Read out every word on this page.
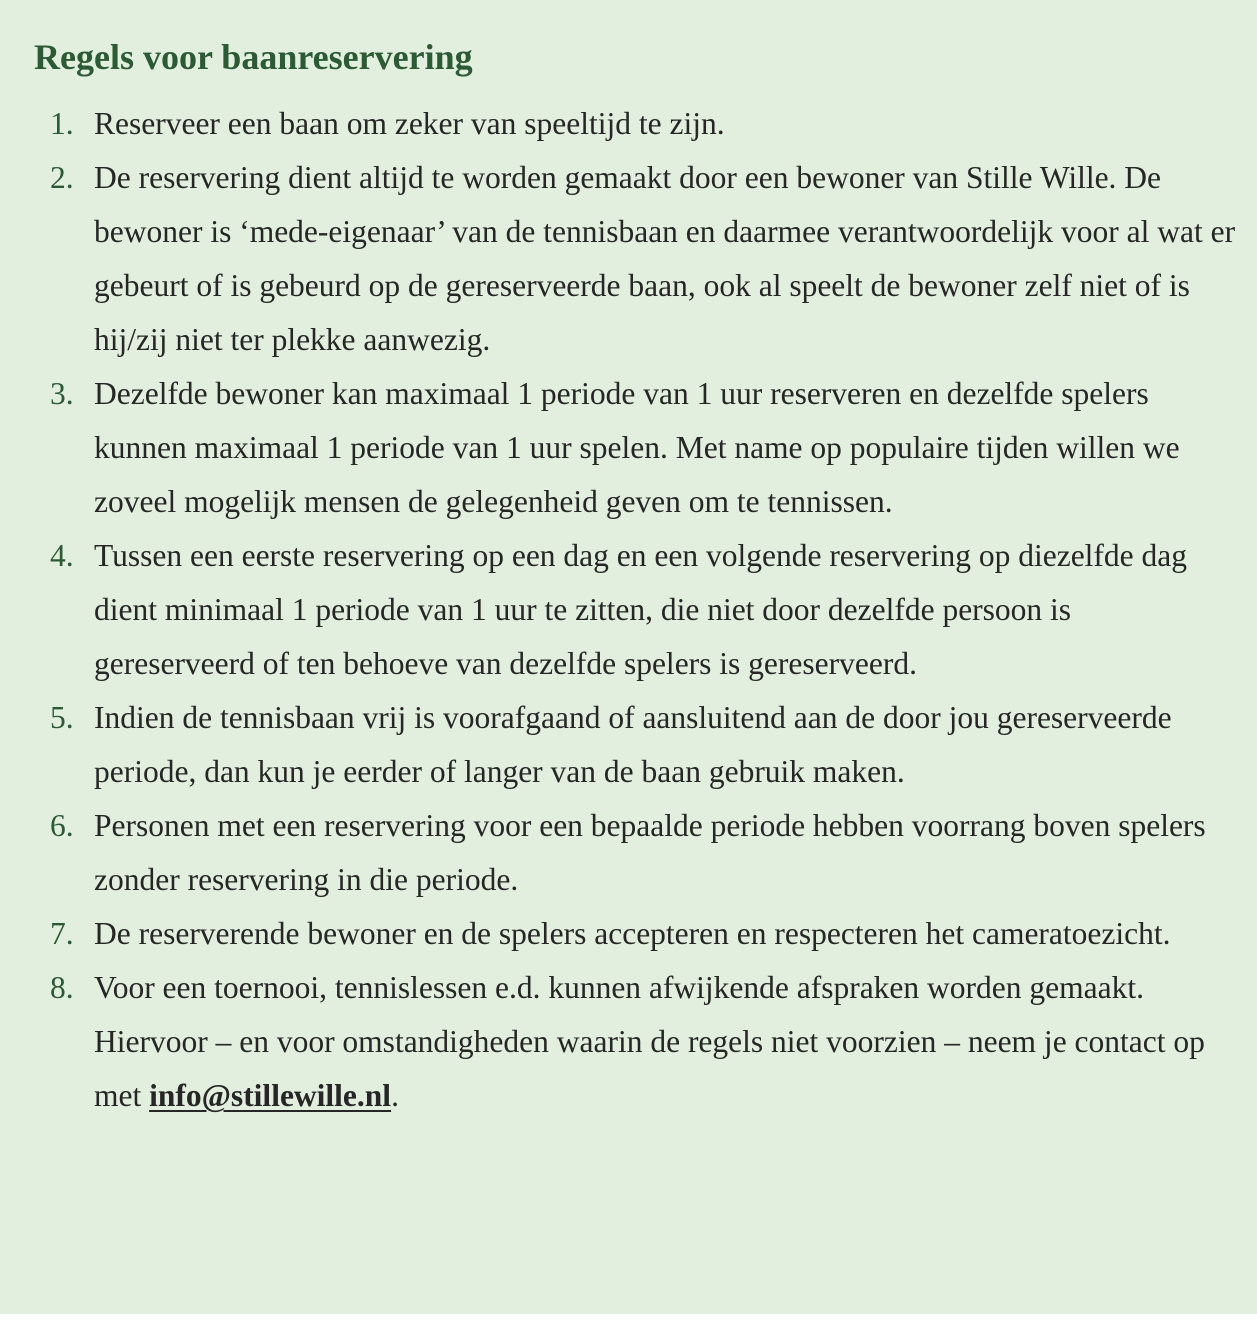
Regels voor baanreservering
1. Reserveer een baan om zeker van speeltijd te zijn.
2. De reservering dient altijd te worden gemaakt door een bewoner van Stille Wille. De bewoner is ‘mede-eigenaar’ van de tennisbaan en daarmee verantwoordelijk voor al wat er gebeurt of is gebeurd op de gereserveerde baan, ook al speelt de bewoner zelf niet of is hij/zij niet ter plekke aanwezig.
3. Dezelfde bewoner kan maximaal 1 periode van 1 uur reserveren en dezelfde spelers kunnen maximaal 1 periode van 1 uur spelen. Met name op populaire tijden willen we zoveel mogelijk mensen de gelegenheid geven om te tennissen.
4. Tussen een eerste reservering op een dag en een volgende reservering op diezelfde dag dient minimaal 1 periode van 1 uur te zitten, die niet door dezelfde persoon is gereserveerd of ten behoeve van dezelfde spelers is gereserveerd.
5. Indien de tennisbaan vrij is voorafgaand of aansluitend aan de door jou gereserveerde periode, dan kun je eerder of langer van de baan gebruik maken.
6. Personen met een reservering voor een bepaalde periode hebben voorrang boven spelers zonder reservering in die periode.
7. De reserverende bewoner en de spelers accepteren en respecteren het cameratoezicht.
8. Voor een toernooi, tennislessen e.d. kunnen afwijkende afspraken worden gemaakt. Hiervoor – en voor omstandigheden waarin de regels niet voorzien – neem je contact op met info@stillewille.nl.
